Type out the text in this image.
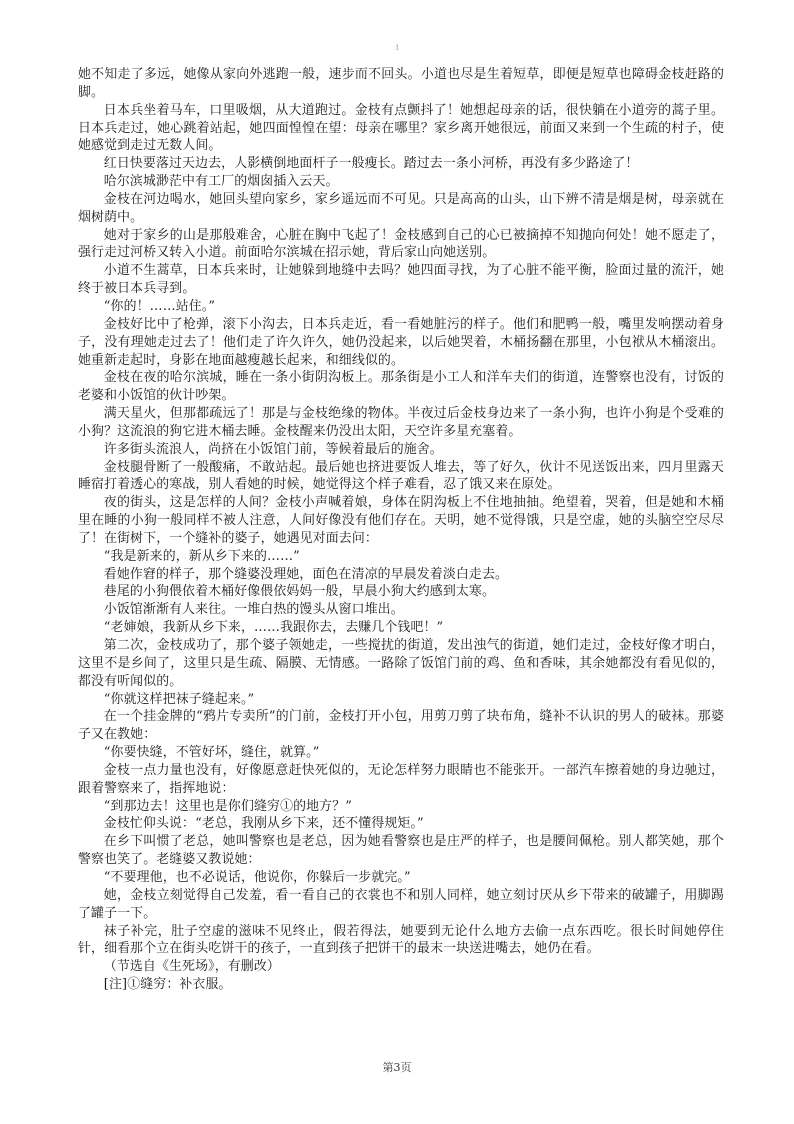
1

她不知走了多远，她像从家向外逃跑一般，速步而不回头。小道也尽是生着短草，即便是短草也障碍金枝赶路的脚。

日本兵坐着马车，口里吸烟，从大道跑过。金枝有点颤抖了！她想起母亲的话，很快躺在小道旁的蒿子里。日本兵走过，她心跳着站起，她四面惶惶在望：母亲在哪里？家乡离开她很远，前面又来到一个生疏的村子，使她感觉到走过无数人间。

红日快要落过天边去，人影横倒地面杆子一般瘦长。踏过去一条小河桥，再没有多少路途了！

哈尔滨城渺茫中有工厂的烟囱插入云天。

金枝在河边喝水，她回头望向家乡，家乡遥远而不可见。只是高高的山头，山下辨不清是烟是树，母亲就在烟树荫中。

她对于家乡的山是那般难舍，心脏在胸中飞起了！金枝感到自己的心已被摘掉不知抛向何处！她不愿走了，强行走过河桥又转入小道。前面哈尔滨城在招示她，背后家山向她送别。

小道不生蒿草，日本兵来时，让她躲到地缝中去吗？她四面寻找，为了心脏不能平衡，脸面过量的流汗，她终于被日本兵寻到。

“你的！……站住。”

金枝好比中了枪弹，滚下小沟去，日本兵走近，看一看她脏污的样子。他们和肥鸭一般，嘴里发响摆动着身子，没有理她走过去了！他们走了许久许久，她仍没起来，以后她哭着，木桶扬翻在那里，小包袱从木桶滚出。她重新走起时，身影在地面越瘦越长起来，和细线似的。

金枝在夜的哈尔滨城，睡在一条小街阴沟板上。那条街是小工人和洋车夫们的街道，连警察也没有，讨饭的老婆和小饭馆的伙计吵架。

满天星火，但那都疏远了！那是与金枝绝缘的物体。半夜过后金枝身边来了一条小狗，也许小狗是个受难的小狗？这流浪的狗它进木桶去睡。金枝醒来仍没出太阳，天空许多星充塞着。

许多街头流浪人，尚挤在小饭馆门前，等候着最后的施舍。

金枝腿骨断了一般酸痛，不敢站起。最后她也挤进要饭人堆去，等了好久，伙计不见送饭出来，四月里露天睡宿打着透心的寒战，别人看她的时候，她觉得这个样子难看，忍了饿又来在原处。

夜的街头，这是怎样的人间？金枝小声喊着娘，身体在阴沟板上不住地抽抽。绝望着，哭着，但是她和木桶里在睡的小狗一般同样不被人注意，人间好像没有他们存在。天明，她不觉得饿，只是空虚，她的头脑空空尽尽了！在街树下，一个缝补的婆子，她遇见对面去问：

“我是新来的，新从乡下来的……”

看她作窘的样子，那个缝婆没理她，面色在清凉的早晨发着淡白走去。

巷尾的小狗偎依着木桶好像偎依妈妈一般，早晨小狗大约感到太寒。

小饭馆渐渐有人来往。一堆白热的馒头从窗口堆出。

“老婶娘，我新从乡下来，……我跟你去，去赚几个钱吧！”

第二次，金枝成功了，那个婆子领她走，一些搅扰的街道，发出浊气的街道，她们走过，金枝好像才明白，这里不是乡间了，这里只是生疏、隔膜、无情感。一路除了饭馆门前的鸡、鱼和香味，其余她都没有看见似的，都没有听闻似的。

“你就这样把袜子缝起来。”

在一个挂金牌的“鸦片专卖所”的门前，金枝打开小包，用剪刀剪了块布角，缝补不认识的男人的破袜。那婆子又在教她：

“你要快缝，不管好坏，缝住，就算。”

金枝一点力量也没有，好像愿意赶快死似的，无论怎样努力眼睛也不能张开。一部汽车擦着她的身边驰过，跟着警察来了，指挥地说：

“到那边去！这里也是你们缝穷①的地方？”

金枝忙仰头说：“老总，我刚从乡下来，还不懂得规矩。”

在乡下叫惯了老总，她叫警察也是老总，因为她看警察也是庄严的样子，也是腰间佩枪。别人都笑她，那个警察也笑了。老缝婆又教说她：

“不要理他，也不必说话，他说你，你躲后一步就完。”

她，金枝立刻觉得自己发羞，看一看自己的衣裳也不和别人同样，她立刻讨厌从乡下带来的破罐子，用脚踢了罐子一下。

袜子补完，肚子空虚的滋味不见终止，假若得法，她要到无论什么地方去偷一点东西吃。很长时间她停住针，细看那个立在街头吃饼干的孩子，一直到孩子把饼干的最末一块送进嘴去，她仍在看。

（节选自《生死场》，有删改）

[注]①缝穷：补衣服。

第3页
